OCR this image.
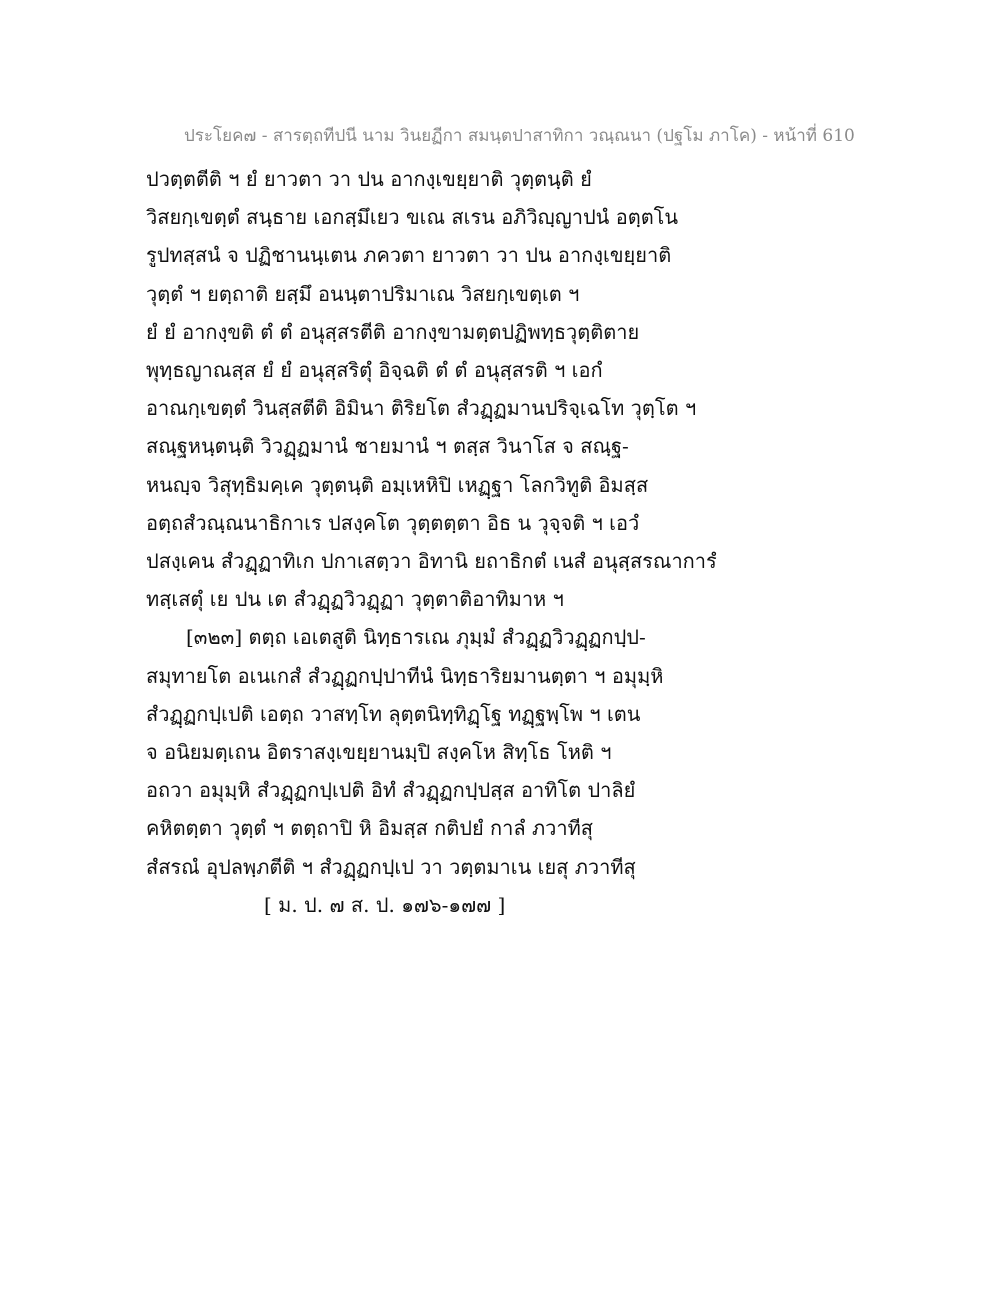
ประโยค๗ - สารตฺถทีปนี นาม วินยฏีกา สมนฺตปาสาทิกา วณฺณนา (ปฐโม ภาโค) - หน้าที่ 610

ปวตฺตตีติ ฯ ยํ ยาวตา วา ปน อากงฺเขยฺยาติ วุตฺตนฺติ ยํ

วิสยกฺเขตฺตํ สนฺธาย เอกสฺมึเยว ขเณ สเรน อภิวิญฺญาปนํ อตฺตโน

รูปทสฺสนํ จ ปฏิชานนฺเตน ภควตา ยาวตา วา ปน อากงฺเขยฺยาติ

วุตฺตํ ฯ ยตฺถาติ ยสฺมึ อนนฺตาปริมาเณ วิสยกฺเขตฺเต ฯ

ยํ ยํ อากงฺขติ ตํ ตํ อนุสฺสรตีติ อากงฺขามตฺตปฏิพทฺธวุตฺติตาย

พุทฺธญาณสฺส ยํ ยํ อนุสฺสริตุํ อิจฺฉติ ตํ ตํ อนุสฺสรติ ฯ เอกํ

อาณกฺเขตฺตํ วินสฺสตีติ อิมินา ติริยโต สํวฏฺฏมานปริจฺเฉโท วุตฺโต ฯ

สณฺฐหนฺตนฺติ วิวฏฺฏมานํ ชายมานํ ฯ ตสฺส วินาโส จ สณฺฐ-

หนญฺจ วิสุทฺธิมคฺเค วุตฺตนฺติ อมฺเหหิปิ เหฏฺฐา โลกวิทูติ อิมสฺส

อตฺถสํวณฺณนาธิกาเร ปสงฺคโต วุตฺตตฺตา อิธ น วุจฺจติ ฯ เอวํ

ปสงฺเคน สํวฏฺฏาทิเก ปกาเสตฺวา อิทานิ ยถาธิกตํ เนสํ อนุสฺสรณาการํ

ทสฺเสตุํ เย ปน เต สํวฏฺฏวิวฏฺฏา วุตฺตาติอาทิมาห ฯ

[๓๒๓] ตตฺถ เอเตสูติ นิทฺธารเณ ภุมฺมํ สํวฏฺฏวิวฏฺฏกปฺป-

สมุทายโต อเนเกสํ สํวฏฺฏกปฺปาทีนํ นิทฺธาริยมานตฺตา ฯ อมุมฺหิ

สํวฏฺฏกปฺเปติ เอตฺถ วาสทฺโท ลุตฺตนิทฺทิฏฺโฐ ทฏฺฐพฺโพ ฯ เตน

จ อนิยมตฺเถน อิตราสงฺเขยฺยานมฺปิ สงฺคโห สิทฺโธ โหติ ฯ

อถวา อมุมฺหิ สํวฏฺฏกปฺเปติ อิทํ สํวฏฺฏกปฺปสฺส อาทิโต ปาลิยํ

คหิตตฺตา วุตฺตํ ฯ ตตฺถาปิ หิ อิมสฺส กติปยํ กาลํ ภวาทีสุ

สํสรณํ อุปลพฺภตีติ ฯ สํวฏฺฏกปฺเป วา วตฺตมาเน เยสุ ภวาทีสุ

[ ม. ป. ๗ ส. ป. ๑๗๖-๑๗๗ ]
